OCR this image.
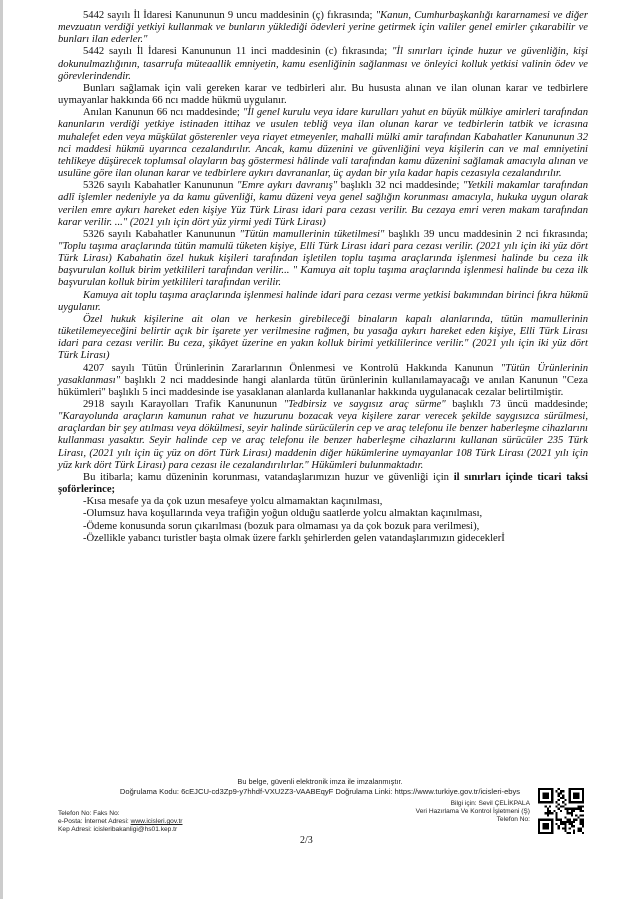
5442 sayılı İl İdaresi Kanununun 9 uncu maddesinin (ç) fıkrasında; "Kanun, Cumhurbaşkanlığı kararnamesi ve diğer mevzuatın verdiği yetkiyi kullanmak ve bunların yüklediği ödevleri yerine getirmek için valiler genel emirler çıkarabilir ve bunları ilan ederler."

5442 sayılı İl İdaresi Kanununun 11 inci maddesinin (c) fıkrasında; "İl sınırları içinde huzur ve güvenliğin, kişi dokunulmazlığının, tasarrufa müteaallik emniyetin, kamu esenliğinin sağlanması ve önleyici kolluk yetkisi valinin ödev ve görevlerindendir.

Bunları sağlamak için vali gereken karar ve tedbirleri alır. Bu hususta alınan ve ilan olunan karar ve tedbirlere uymayanlar hakkında 66 ncı madde hükmü uygulanır.

Anılan Kanunun 66 ncı maddesinde; "İl genel kurulu veya idare kurulları yahut en büyük mülkiye amirleri tarafından kanunların verdiği yetkiye istinaden ittihaz ve usulen tebliğ veya ilan olunan karar ve tedbirlerin tatbik ve icrasına muhalefet eden veya müşkülat gösterenler veya riayet etmeyenler, mahalli mülki amir tarafından Kabahatler Kanununun 32 nci maddesi hükmü uyarınca cezalandırılır. Ancak, kamu düzenini ve güvenliğini veya kişilerin can ve mal emniyetini tehlikeye düşürecek toplumsal olayların baş göstermesi hâlinde vali tarafından kamu düzenini sağlamak amacıyla alınan ve usulüne göre ilan olunan karar ve tedbirlere aykırı davrananlar, üç aydan bir yıla kadar hapis cezasıyla cezalandırılır.

5326 sayılı Kabahatler Kanununun "Emre aykırı davranış" başlıklı 32 nci maddesinde; "Yetkili makamlar tarafından adlî işlemler nedeniyle ya da kamu güvenliği, kamu düzeni veya genel sağlığın korunması amacıyla, hukuka uygun olarak verilen emre aykırı hareket eden kişiye Yüz Türk Lirası idari para cezası verilir. Bu cezaya emri veren makam tarafından karar verilir. ..." (2021 yılı için dört yüz yirmi yedi Türk Lirası)

5326 sayılı Kabahatler Kanununun "Tütün mamullerinin tüketilmesi" başlıklı 39 uncu maddesinin 2 nci fıkrasında; "Toplu taşıma araçlarında tütün mamulü tüketen kişiye, Elli Türk Lirası idari para cezası verilir. (2021 yılı için iki yüz dört Türk Lirası) Kabahatin özel hukuk kişileri tarafından işletilen toplu taşıma araçlarında işlenmesi halinde bu ceza ilk başvurulan kolluk birim yetkilileri tarafından verilir... " Kamuya ait toplu taşıma araçlarında işlenmesi halinde bu ceza ilk başvurulan kolluk birim yetkilileri tarafından verilir.

Kamuya ait toplu taşıma araçlarında işlenmesi halinde idari para cezası verme yetkisi bakımından birinci fıkra hükmü uygulanır.

Özel hukuk kişilerine ait olan ve herkesin girebileceği binaların kapalı alanlarında, tütün mamullerinin tüketilemeyeceğini belirtir açık bir işarete yer verilmesine rağmen, bu yasağa aykırı hareket eden kişiye, Elli Türk Lirası idari para cezası verilir. Bu ceza, şikâyet üzerine en yakın kolluk birimi yetkililerince verilir." (2021 yılı için iki yüz dört Türk Lirası)

4207 sayılı Tütün Ürünlerinin Zararlarının Önlenmesi ve Kontrolü Hakkında Kanunun "Tütün Ürünlerinin yasaklanması" başlıklı 2 nci maddesinde hangi alanlarda tütün ürünlerinin kullanılamayacağı ve anılan Kanunun "Ceza hükümleri" başlıklı 5 inci maddesinde ise yasaklanan alanlarda kullananlar hakkında uygulanacak cezalar belirtilmiştir.

2918 sayılı Karayolları Trafik Kanununun "Tedbirsiz ve saygısız araç sürme" başlıklı 73 üncü maddesinde; "Karayolunda araçların kamunun rahat ve huzurunu bozacak veya kişilere zarar verecek şekilde saygısızca sürülmesi, araçlardan bir şey atılması veya dökülmesi, seyir halinde sürücülerin cep ve araç telefonu ile benzer haberleşme cihazlarını kullanması yasaktır. Seyir halinde cep ve araç telefonu ile benzer haberleşme cihazlarını kullanan sürücüler 235 Türk Lirası, (2021 yılı için üç yüz on dört Türk Lirası) maddenin diğer hükümlerine uymayanlar 108 Türk Lirası (2021 yılı için yüz kırk dört Türk Lirası) para cezası ile cezalandırılırlar." Hükümleri bulunmaktadır.

Bu itibarla; kamu düzeninin korunması, vatandaşlarımızın huzur ve güvenliği için il sınırları içinde ticari taksi şoförlerince;

-Kısa mesafe ya da çok uzun mesafeye yolcu almamaktan kaçınılması,

-Olumsuz hava koşullarında veya trafiğin yoğun olduğu saatlerde yolcu almaktan kaçınılması,

-Ödeme konusunda sorun çıkarılması (bozuk para olmaması ya da çok bozuk para verilmesi),

-Özellikle yabancı turistler başta olmak üzere farklı şehirlerden gelen vatandaşlarımızın gideceklerİ

Bu belge, güvenli elektronik imza ile imzalanmıştır.
Doğrulama Kodu: 6cEJCU-cd3Zp9-y7hhdf-VXU2Z3-VAABEqyF Doğrulama Linki: https://www.turkiye.gov.tr/icisleri-ebys
Telefon No: Faks No:
e-Posta: İnternet Adresi: www.icisleri.gov.tr
Kep Adresi: icisleribakanligi@hs01.kep.tr
Bilgi için: Sevil ÇELİKPALA
Veri Hazırlama Ve Kontrol İşletmeni (Ş)
Telefon No:
2/3
